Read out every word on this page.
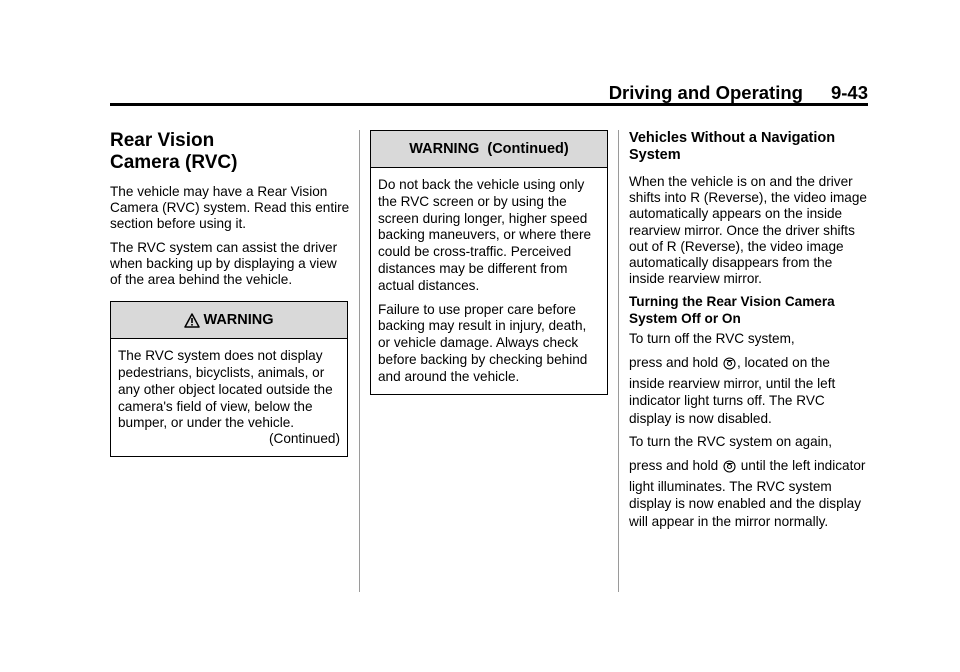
Driving and Operating 9-43
Rear Vision
Camera (RVC)

The vehicle may have a Rear Vision Camera (RVC) system. Read this entire section before using it.

The RVC system can assist the driver when backing up by displaying a view of the area behind the vehicle.

WARNING
The RVC system does not display pedestrians, bicyclists, animals, or any other object located outside the camera's field of view, below the bumper, or under the vehicle.
(Continued)
WARNING  (Continued)

Do not back the vehicle using only the RVC screen or by using the screen during longer, higher speed backing maneuvers, or where there could be cross-traffic. Perceived distances may be different from actual distances.

Failure to use proper care before backing may result in injury, death, or vehicle damage. Always check before backing by checking behind and around the vehicle.

Vehicles Without a Navigation System

When the vehicle is on and the driver shifts into R (Reverse), the video image automatically appears on the inside rearview mirror. Once the driver shifts out of R (Reverse), the video image automatically disappears from the inside rearview mirror.

Turning the Rear Vision Camera System Off or On

To turn off the RVC system,

press and hold , located on the inside rearview mirror, until the left indicator light turns off. The RVC display is now disabled.

To turn the RVC system on again,

press and hold until the left indicator light illuminates. The RVC system display is now enabled and the display will appear in the mirror normally.
